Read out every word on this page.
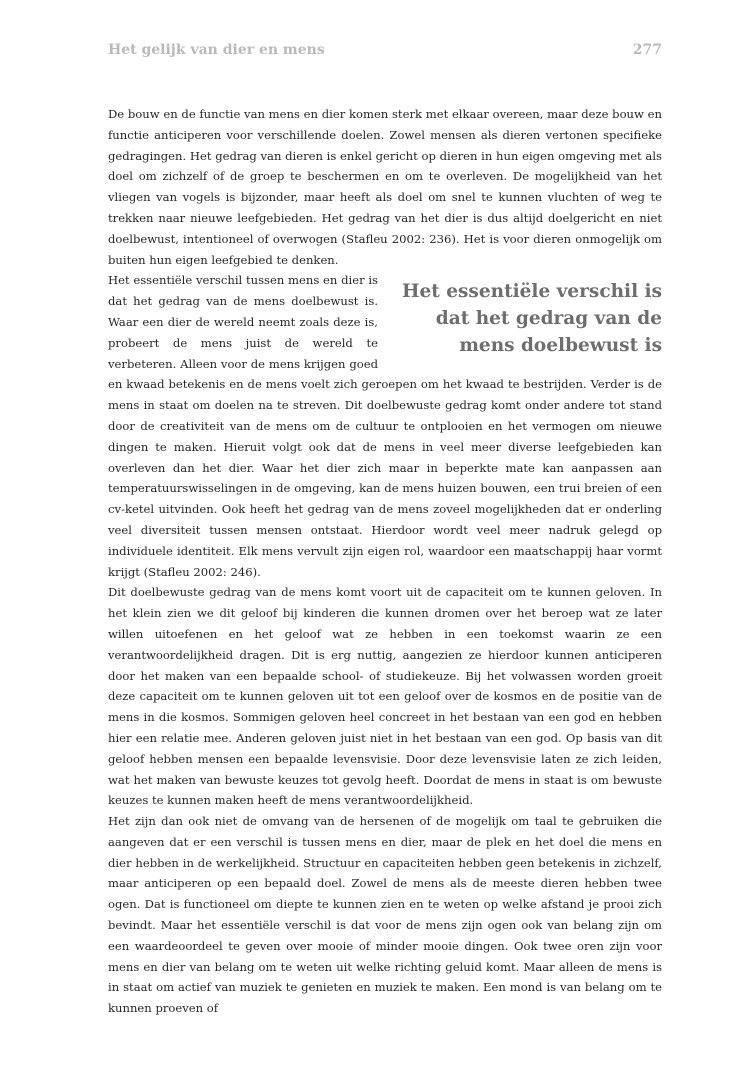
Het gelijk van dier en mens	277

De bouw en de functie van mens en dier komen sterk met elkaar overeen, maar deze bouw en functie anticiperen voor verschillende doelen. Zowel mensen als dieren vertonen specifieke gedragingen. Het gedrag van dieren is enkel gericht op dieren in hun eigen omgeving met als doel om zichzelf of de groep te beschermen en om te overleven. De mogelijkheid van het vliegen van vogels is bijzonder, maar heeft als doel om snel te kunnen vluchten of weg te trekken naar nieuwe leefgebieden. Het gedrag van het dier is dus altijd doelgericht en niet doelbewust, intentioneel of overwogen (Stafleu 2002: 236). Het is voor dieren onmogelijk om buiten hun eigen leefgebied te denken.

Het essentiële verschil is dat het gedrag van de mens doelbewust is

Het essentiële verschil tussen mens en dier is dat het gedrag van de mens doelbewust is. Waar een dier de wereld neemt zoals deze is, probeert de mens juist de wereld te verbeteren. Alleen voor de mens krijgen goed en kwaad betekenis en de mens voelt zich geroepen om het kwaad te bestrijden. Verder is de mens in staat om doelen na te streven. Dit doelbewuste gedrag komt onder andere tot stand door de creativiteit van de mens om de cultuur te ontplooien en het vermogen om nieuwe dingen te maken. Hieruit volgt ook dat de mens in veel meer diverse leefgebieden kan overleven dan het dier. Waar het dier zich maar in beperkte mate kan aanpassen aan temperatuurswisselingen in de omgeving, kan de mens huizen bouwen, een trui breien of een cv-ketel uitvinden. Ook heeft het gedrag van de mens zoveel mogelijkheden dat er onderling veel diversiteit tussen mensen ontstaat. Hierdoor wordt veel meer nadruk gelegd op individuele identiteit. Elk mens vervult zijn eigen rol, waardoor een maatschappij haar vormt krijgt (Stafleu 2002: 246).

Dit doelbewuste gedrag van de mens komt voort uit de capaciteit om te kunnen geloven. In het klein zien we dit geloof bij kinderen die kunnen dromen over het beroep wat ze later willen uitoefenen en het geloof wat ze hebben in een toekomst waarin ze een verantwoordelijkheid dragen. Dit is erg nuttig, aangezien ze hierdoor kunnen anticiperen door het maken van een bepaalde school- of studiekeuze. Bij het volwassen worden groeit deze capaciteit om te kunnen geloven uit tot een geloof over de kosmos en de positie van de mens in die kosmos. Sommigen geloven heel concreet in het bestaan van een god en hebben hier een relatie mee. Anderen geloven juist niet in het bestaan van een god. Op basis van dit geloof hebben mensen een bepaalde levensvisie. Door deze levensvisie laten ze zich leiden, wat het maken van bewuste keuzes tot gevolg heeft. Doordat de mens in staat is om bewuste keuzes te kunnen maken heeft de mens verantwoordelijkheid.

Het zijn dan ook niet de omvang van de hersenen of de mogelijk om taal te gebruiken die aangeven dat er een verschil is tussen mens en dier, maar de plek en het doel die mens en dier hebben in de werkelijkheid. Structuur en capaciteiten hebben geen betekenis in zichzelf, maar anticiperen op een bepaald doel. Zowel de mens als de meeste dieren hebben twee ogen. Dat is functioneel om diepte te kunnen zien en te weten op welke afstand je prooi zich bevindt. Maar het essentiële verschil is dat voor de mens zijn ogen ook van belang zijn om een waardeoordeel te geven over mooie of minder mooie dingen. Ook twee oren zijn voor mens en dier van belang om te weten uit welke richting geluid komt. Maar alleen de mens is in staat om actief van muziek te genieten en muziek te maken. Een mond is van belang om te kunnen proeven of
